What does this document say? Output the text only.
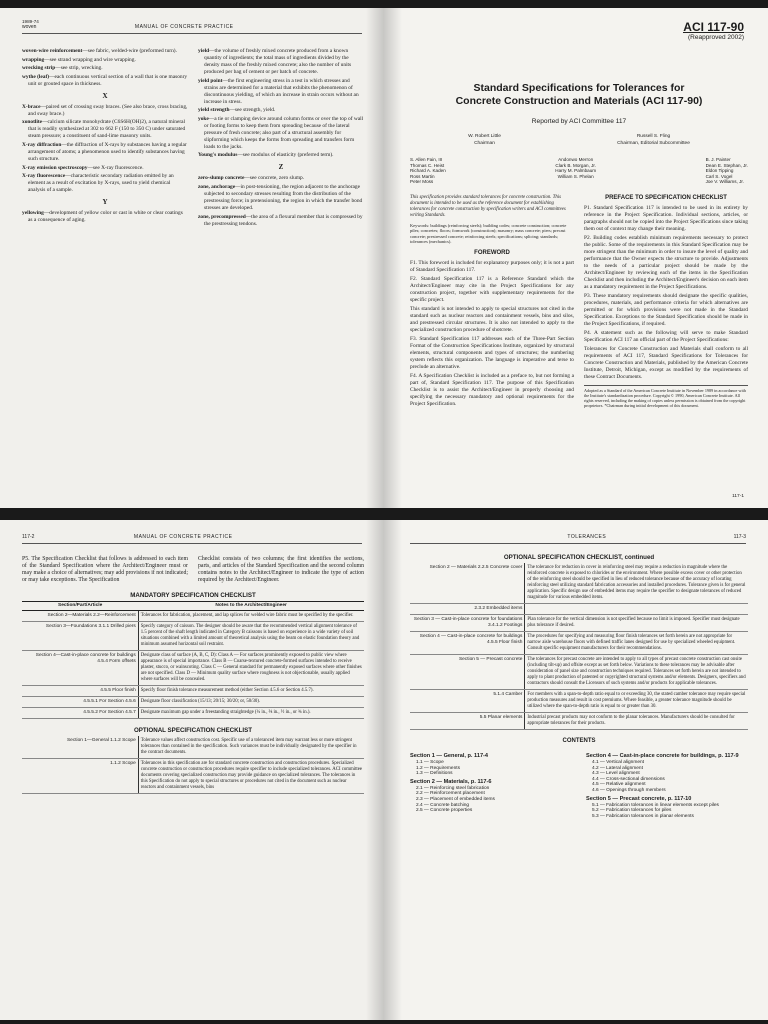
1989-74
woven	MANUAL OF CONCRETE PRACTICE
woven-wire reinforcement—see fabric, welded-wire (preformed turn).
wrapping—see strand wrapping and wire wrapping.
wrecking strip—see strip, wrecking.
wythe (leaf)—each continuous vertical section of a wall that is one masonry unit or grouted space in thickness.
X
X-brace—paired set of crossing sway braces. (See also brace, cross bracing, and sway brace.)
xonotlite—calcium silicate monohydrate (C6S6H(OH)2), a natural mineral that is readily synthesized at 302 to 662 F (150 to 350 C) under saturated steam pressure; a constituent of sand-lime masonry units.
X-ray diffraction—the diffraction of X-rays by substances having a regular arrangement of atoms; a phenomenon used to identify substances having such structure.
X-ray emission spectroscopy—see X-ray fluorescence.
X-ray fluorescence—characteristic secondary radiation emitted by an element as a result of excitation by X-rays, used to yield chemical analysis of a sample.
Y
yellowing—development of yellow color or cast in white or clear coatings as a consequence of aging.
yield—the volume of freshly mixed concrete produced from a known quantity of ingredients; the total mass of ingredients divided by the density mass of the freshly mixed concrete; also the number of units produced per bag of cement or per batch of concrete.
yield point—the first engineering stress in a test in which stresses and strains are determined for a material that exhibits the phenomenon of discontinuous yielding, of which an increase in strain occurs without an increase in stress.
yield strength—see strength, yield.
yoke—a tie or clamping device around column forms or over the top of wall or footing forms to keep them from spreading because of the lateral pressure of fresh concrete; also part of a structural assembly for slipforming which keeps the forms from spreading and transfers form loads to the jacks.
Young's modulus—see modulus of elasticity (preferred term).
Z
zero-slump concrete—see concrete, zero slump.
zone, anchorage—in post-tensioning, the region adjacent to the anchorage subjected to secondary stresses resulting from the distribution of the prestressing force; in pretensioning, the region in which the transfer bond stresses are developed.
zone, precompressed—the area of a flexural member that is compressed by the prestressing tendons.
ACI 117-90
(Reapproved 2002)
Standard Specifications for Tolerances for
Concrete Construction and Materials (ACI 117-90)
Reported by ACI Committee 117
W. Robert Little
Chairman
Russell S. Fling
Chairman, Editorial Subcommittee
S. Allen Fain, III
Thomas C. Heist
Richard A. Kaden
Ross Martin
Peter Moss
Andonwo Merron
Clark B. Morgan, Jr.
Harry M. Palmbaum
William S. Phelan
B. J. Painter
Dean E. Stephan, Jr.
Eldon Tipping
Carl S. Vogel
Joe V. Williams, Jr.
This specification provides standard tolerances for concrete construction. This document is intended to be used as the reference document for establishing tolerances for concrete construction by specification writers and ACI committees writing Standards.
Keywords: buildings (reinforcing steels); building codes; concrete construction; concrete piles; concretes; floors; formwork (construction); masonry; mass concrete; piers; precast concrete; prestressed concrete; reinforcing steels; specifications; splicing; standards; tolerances (mechanics).
FOREWORD
F1. This foreword is included for explanatory purposes only; it is not a part of Standard Specification 117.
F2. Standard Specification 117 is a Reference Standard which the Architect/Engineer may cite in the Project Specifications for any construction project, together with supplementary requirements for the specific project.
This standard is not intended to apply to special structures not cited in the standard such as nuclear reactors and containment vessels, bins and silos, and prestressed circular structures. It is also not intended to apply to the specialized construction procedure of shotcrete.
F3. Standard Specification 117 addresses each of the Three-Part Section Format of the Construction Specifications Institute, organized by structural elements, structural components and types of structures; the numbering system reflects this organization. The language is imperative and terse to preclude an alternative.
F4. A Specification Checklist is included as a preface to, but not forming a part of, Standard Specification 117. The purpose of this Specification Checklist is to assist the Architect/Engineer in properly choosing and specifying the necessary mandatory and optional requirements for the Project Specification.
PREFACE TO SPECIFICATION CHECKLIST
P1. Standard Specification 117 is intended to be used in its entirety by reference in the Project Specification. Individual sections, articles, or paragraphs should not be copied into the Project Specifications since taking them out of context may change their meaning.
P2. Building codes establish minimum requirements necessary to protect the public. Some of the requirements in this Standard Specification may be more stringent than the minimum in order to insure the level of quality and performance that the Owner expects the structure to provide. Adjustments to the needs of a particular project should be made by the Architect/Engineer by reviewing each of the items in the Specification Checklist and then including the Architect/Engineer's decision on each item as a mandatory requirement in the Project Specifications.
P3. These mandatory requirements should designate the specific qualities, procedures, materials, and performance criteria for which alternatives are permitted or for which provisions were not made in the Standard Specification. Exceptions to the Standard Specification should be made in the Project Specifications, if required.
P4. A statement such as the following will serve to make Standard Specification ACI 117 an official part of the Project Specifications:
Tolerances for Concrete Construction and Materials shall conform to all requirements of ACI 117, Standard Specifications for Tolerances for Concrete Construction and Materials, published by the American Concrete Institute, Detroit, Michigan, except as modified by the requirements of these Contract Documents.
Adopted as a Standard of the American Concrete Institute in November 1989 in accordance with the Institute's standardization procedure. Copyright © 1990, American Concrete Institute. All rights reserved, including the making of copies unless permission is obtained from the copyright proprietors. *Chairman during initial development of this document.
117-1
117-2	MANUAL OF CONCRETE PRACTICE
P5. The Specification Checklist that follows is addressed to each item of the Standard Specification where the Architect/Engineer must or may make a choice of alternatives; may add provisions if not indicated; or may take exceptions. The Specification
Checklist consists of two columns; the first identifies the sections, parts, and articles of the Standard Specification and the second column contains notes to the Architect/Engineer to indicate the type of action required by the Architect/Engineer.
MANDATORY SPECIFICATION CHECKLIST
Section/Part/Article	Notes to the Architect/Engineer
Section 2—Materials 2.2—Reinforcement	Tolerances for fabrication, placement, and lap splices for welded wire fabric must be specified by the specifier.
Section 3—Foundations 3.1.1 Drilled piers	Specify category of caisson. The designer should be aware that the recommended vertical alignment tolerance of 1.5 percent of the shaft length indicated in Category B caissons is based on experience in a wide variety of soil situations combined with a limited amount of theoretical analysis using the beam on elastic foundation theory and minimum assumed horizontal soil restraint.
Section 4—Cast-in-place concrete for buildings 4.5.4 Form offsets	Designate class of surface (A, B, C, D): Class A — For surfaces prominently exposed to public view where appearance is of special importance. Class B — Coarse-textured concrete-formed surfaces intended to receive plaster, stucco, or wainscoting. Class C — General standard for permanently exposed surfaces where other finishes are not specified. Class D — Minimum quality surface where roughness is not objectionable, usually applied where surfaces will be concealed.
4.5.5 Floor finish	Specify floor finish tolerance measurement method (either Section 4.5.6 or Section 4.5.7).
4.5.5.1 For Section 4.5.6	Designate floor classification (15/13; 20/15; 30/20; or, 50/30).
4.5.5.2 For Section 4.5.7	Designate maximum gap under a freestanding straightedge (¼ in., ⅜ in., ½ in., or ¾ in.).
OPTIONAL SPECIFICATION CHECKLIST
Section 1—General 1.1.2 Scope	Tolerance values affect construction cost. Specific use of a toleranced item may warrant less or more stringent tolerances than contained in the specification. Such variances must be individually designated by the specifier in the contract documents.
1.1.2 Scope	Tolerances in this specification are for standard concrete construction and construction procedures. Specialized concrete construction or construction procedures require specifier to include specialized tolerances. ACI committee documents covering specialized construction may provide guidance on specialized tolerances. The tolerances in this Specification do not apply to special structures or procedures not cited in the document such as nuclear reactors and containment vessels, bins
TOLERANCES	117-3
OPTIONAL SPECIFICATION CHECKLIST, continued
Section 2 — Materials 2.2.5 Concrete cover	The tolerance for reduction in cover in reinforcing steel may require a reduction in magnitude where the reinforced concrete is exposed to chlorides or the environment. Where possible excess cover or other protection of the reinforcing steel should be specified in lieu of reduced tolerance because of the accuracy of locating reinforcing steel utilizing standard fabrication accessories and installed procedures. Tolerance given is for general application. Specific design use of embedded items may require the specifier to designate tolerances of reduced magnitude for various embedded items.
2.3.2 Embedded items	
Section 3 — Cast-in-place concrete for foundations 3.4.1.2 Footings	Plan tolerance for the vertical dimension is not specified because no limit is imposed. Specifier must designate plus tolerance if desired.
Section 4 — Cast-in-place concrete for buildings 4.5.5 Floor finish	The procedures for specifying and measuring floor finish tolerances set forth herein are not appropriate for narrow aisle warehouse floors with defined traffic lanes designed for use by specialized wheeled equipment. Consult specific equipment manufacturers for their recommendations.
Section 5 — Precast concrete	The tolerances for precast concrete are intended to apply to all types of precast concrete construction cast onsite (including tilt-up) and offsite except as set forth below. Variations to these tolerances may be advisable after consideration of panel size and construction techniques required. Tolerances set forth herein are not intended to apply to plant production of patented or copyrighted structural systems and/or elements. Designers, specifiers and contractors should consult the Licensors of such systems and/or products for applicable tolerances.
5.1.4 Camber	For members with a span-to-depth ratio equal to or exceeding 30, the stated camber tolerance may require special production measures and result in cost premiums. Where feasible, a greater tolerance magnitude should be utilized where the span-to-depth ratio is equal to or greater than 30.
5.5 Planar elements	Industrial precast products may not conform to the planar tolerances. Manufacturers should be consulted for appropriate tolerances for their products.
CONTENTS
Section 1 — General, p. 117-4
1.1 — Scope
1.2 — Requirements
1.3 — Definitions
Section 2 — Materials, p. 117-6
2.1 — Reinforcing steel fabrication
2.2 — Reinforcement placement
2.3 — Placement of embedded items
2.4 — Concrete batching
2.5 — Concrete properties
Section 4 — Cast-in-place concrete for buildings, p. 117-9
4.1 — Vertical alignment
4.2 — Lateral alignment
4.3 — Level alignment
4.4 — Cross-sectional dimensions
4.5 — Relative alignment
4.6 — Openings through members
Section 5 — Precast concrete, p. 117-10
5.1 — Fabrication tolerances in linear elements except piles
5.2 — Fabrication tolerances for piles
5.3 — Fabrication tolerances in planar elements
